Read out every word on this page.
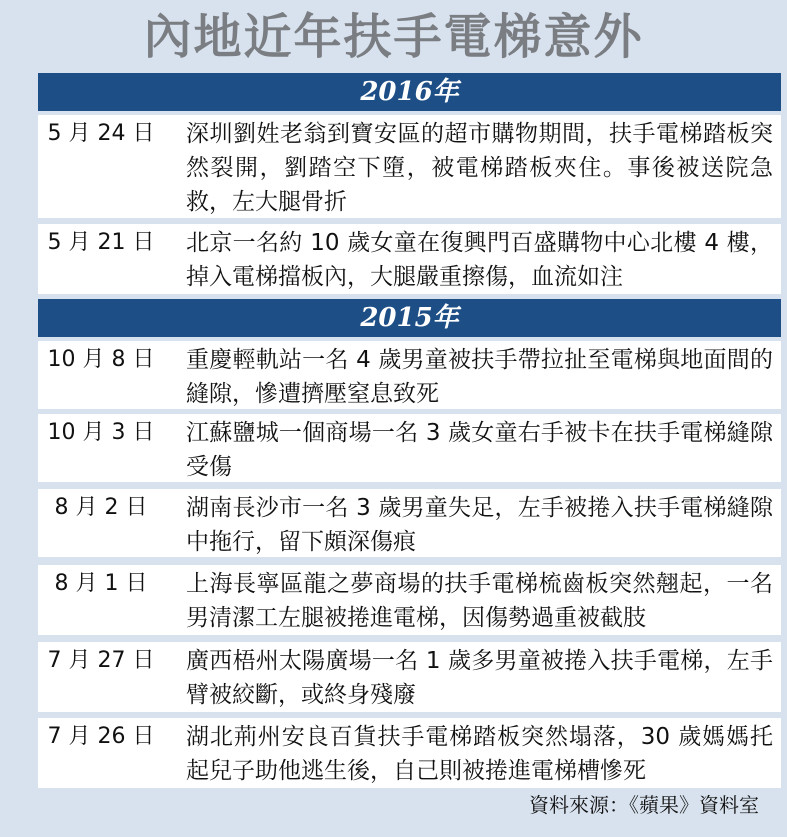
內地近年扶手電梯意外
2016年
5 月 24 日	深圳劉姓老翁到寶安區的超市購物期間，扶手電梯踏板突然裂開，劉踏空下墮，被電梯踏板夾住。事後被送院急救，左大腿骨折
5 月 21 日	北京一名約 10 歲女童在復興門百盛購物中心北樓 4 樓，掉入電梯擋板內，大腿嚴重擦傷，血流如注
2015年
10 月 8 日	重慶輕軌站一名 4 歲男童被扶手帶拉扯至電梯與地面間的縫隙，慘遭擠壓窒息致死
10 月 3 日	江蘇鹽城一個商場一名 3 歲女童右手被卡在扶手電梯縫隙受傷
8 月 2 日	湖南長沙市一名 3 歲男童失足，左手被捲入扶手電梯縫隙中拖行，留下頗深傷痕
8 月 1 日	上海長寧區龍之夢商場的扶手電梯梳齒板突然翹起，一名男清潔工左腿被捲進電梯，因傷勢過重被截肢
7 月 27 日	廣西梧州太陽廣場一名 1 歲多男童被捲入扶手電梯，左手臂被絞斷，或終身殘廢
7 月 26 日	湖北荊州安良百貨扶手電梯踏板突然塌落，30 歲媽媽托起兒子助他逃生後，自己則被捲進電梯槽慘死
資料來源：《蘋果》資料室
